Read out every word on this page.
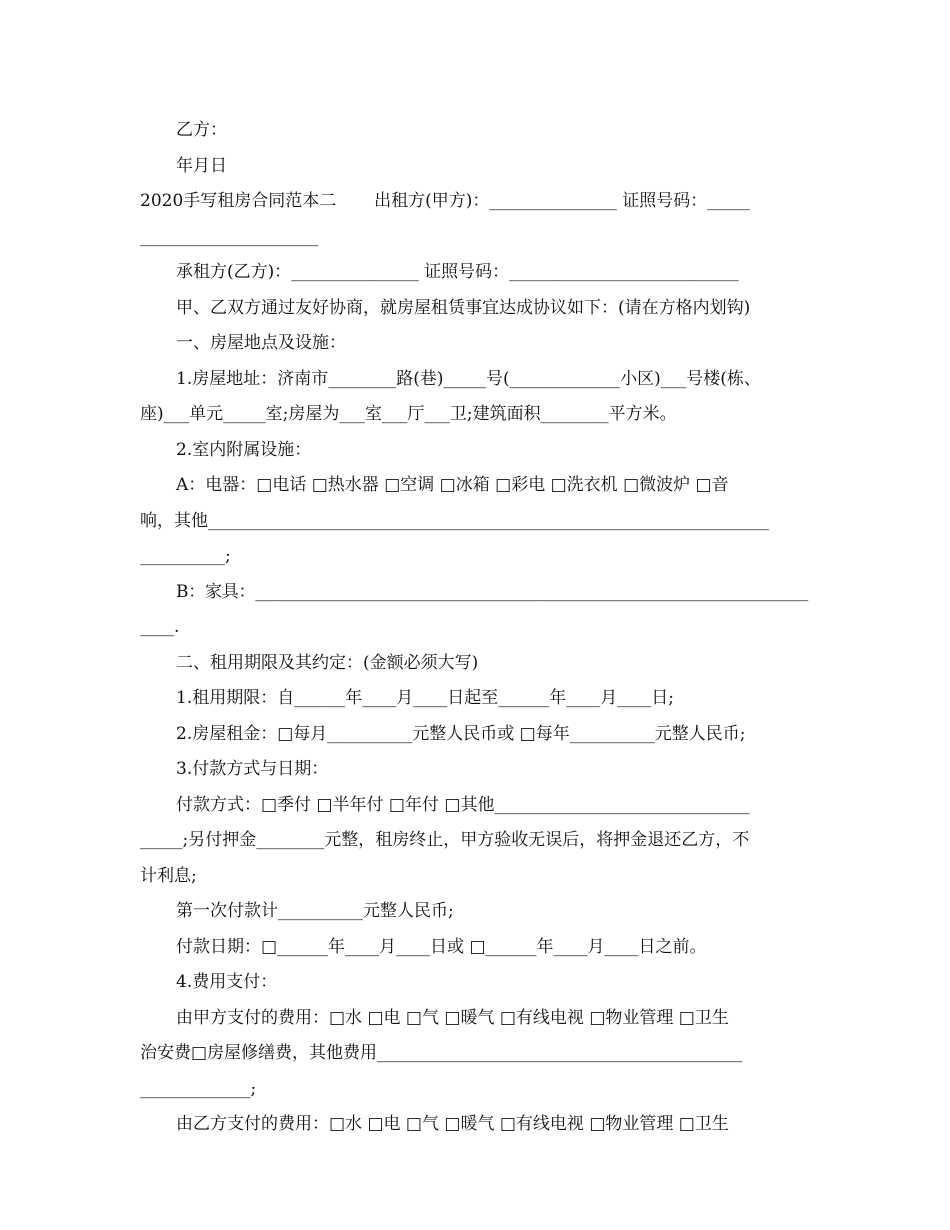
乙方：
年月日
2020手写租房合同范本二       出租方(甲方)：_______________ 证照号码：_____
_____________________
承租方(乙方)：_______________ 证照号码：___________________________
甲、乙双方通过友好协商，就房屋租赁事宜达成协议如下：(请在方格内划钩)
一、房屋地点及设施：
1.房屋地址：济南市________路(巷)_____号(_____________小区)___号楼(栋、
座)___单元_____室;房屋为___室___厅___卫;建筑面积________平方米。
2.室内附属设施：
A：电器：□电话 □热水器 □空调 □冰箱 □彩电 □洗衣机 □微波炉 □音
响，其他__________________________________________________________________
__________;
B：家具：___________________________________________________________________
____.
二、租用期限及其约定：(金额必须大写)
1.租用期限：自______年____月____日起至______年____月____日;
2.房屋租金：□每月__________元整人民币或 □每年__________元整人民币;
3.付款方式与日期：
付款方式：□季付 □半年付 □年付 □其他______________________________
_____;另付押金________元整，租房终止，甲方验收无误后，将押金退还乙方，不
计利息;
第一次付款计__________元整人民币;
付款日期：□______年____月____日或 □______年____月____日之前。
4.费用支付：
由甲方支付的费用：□水 □电 □气 □暖气 □有线电视 □物业管理 □卫生
治安费□房屋修缮费，其他费用___________________________________________
_____________;
由乙方支付的费用：□水 □电 □气 □暖气 □有线电视 □物业管理 □卫生
